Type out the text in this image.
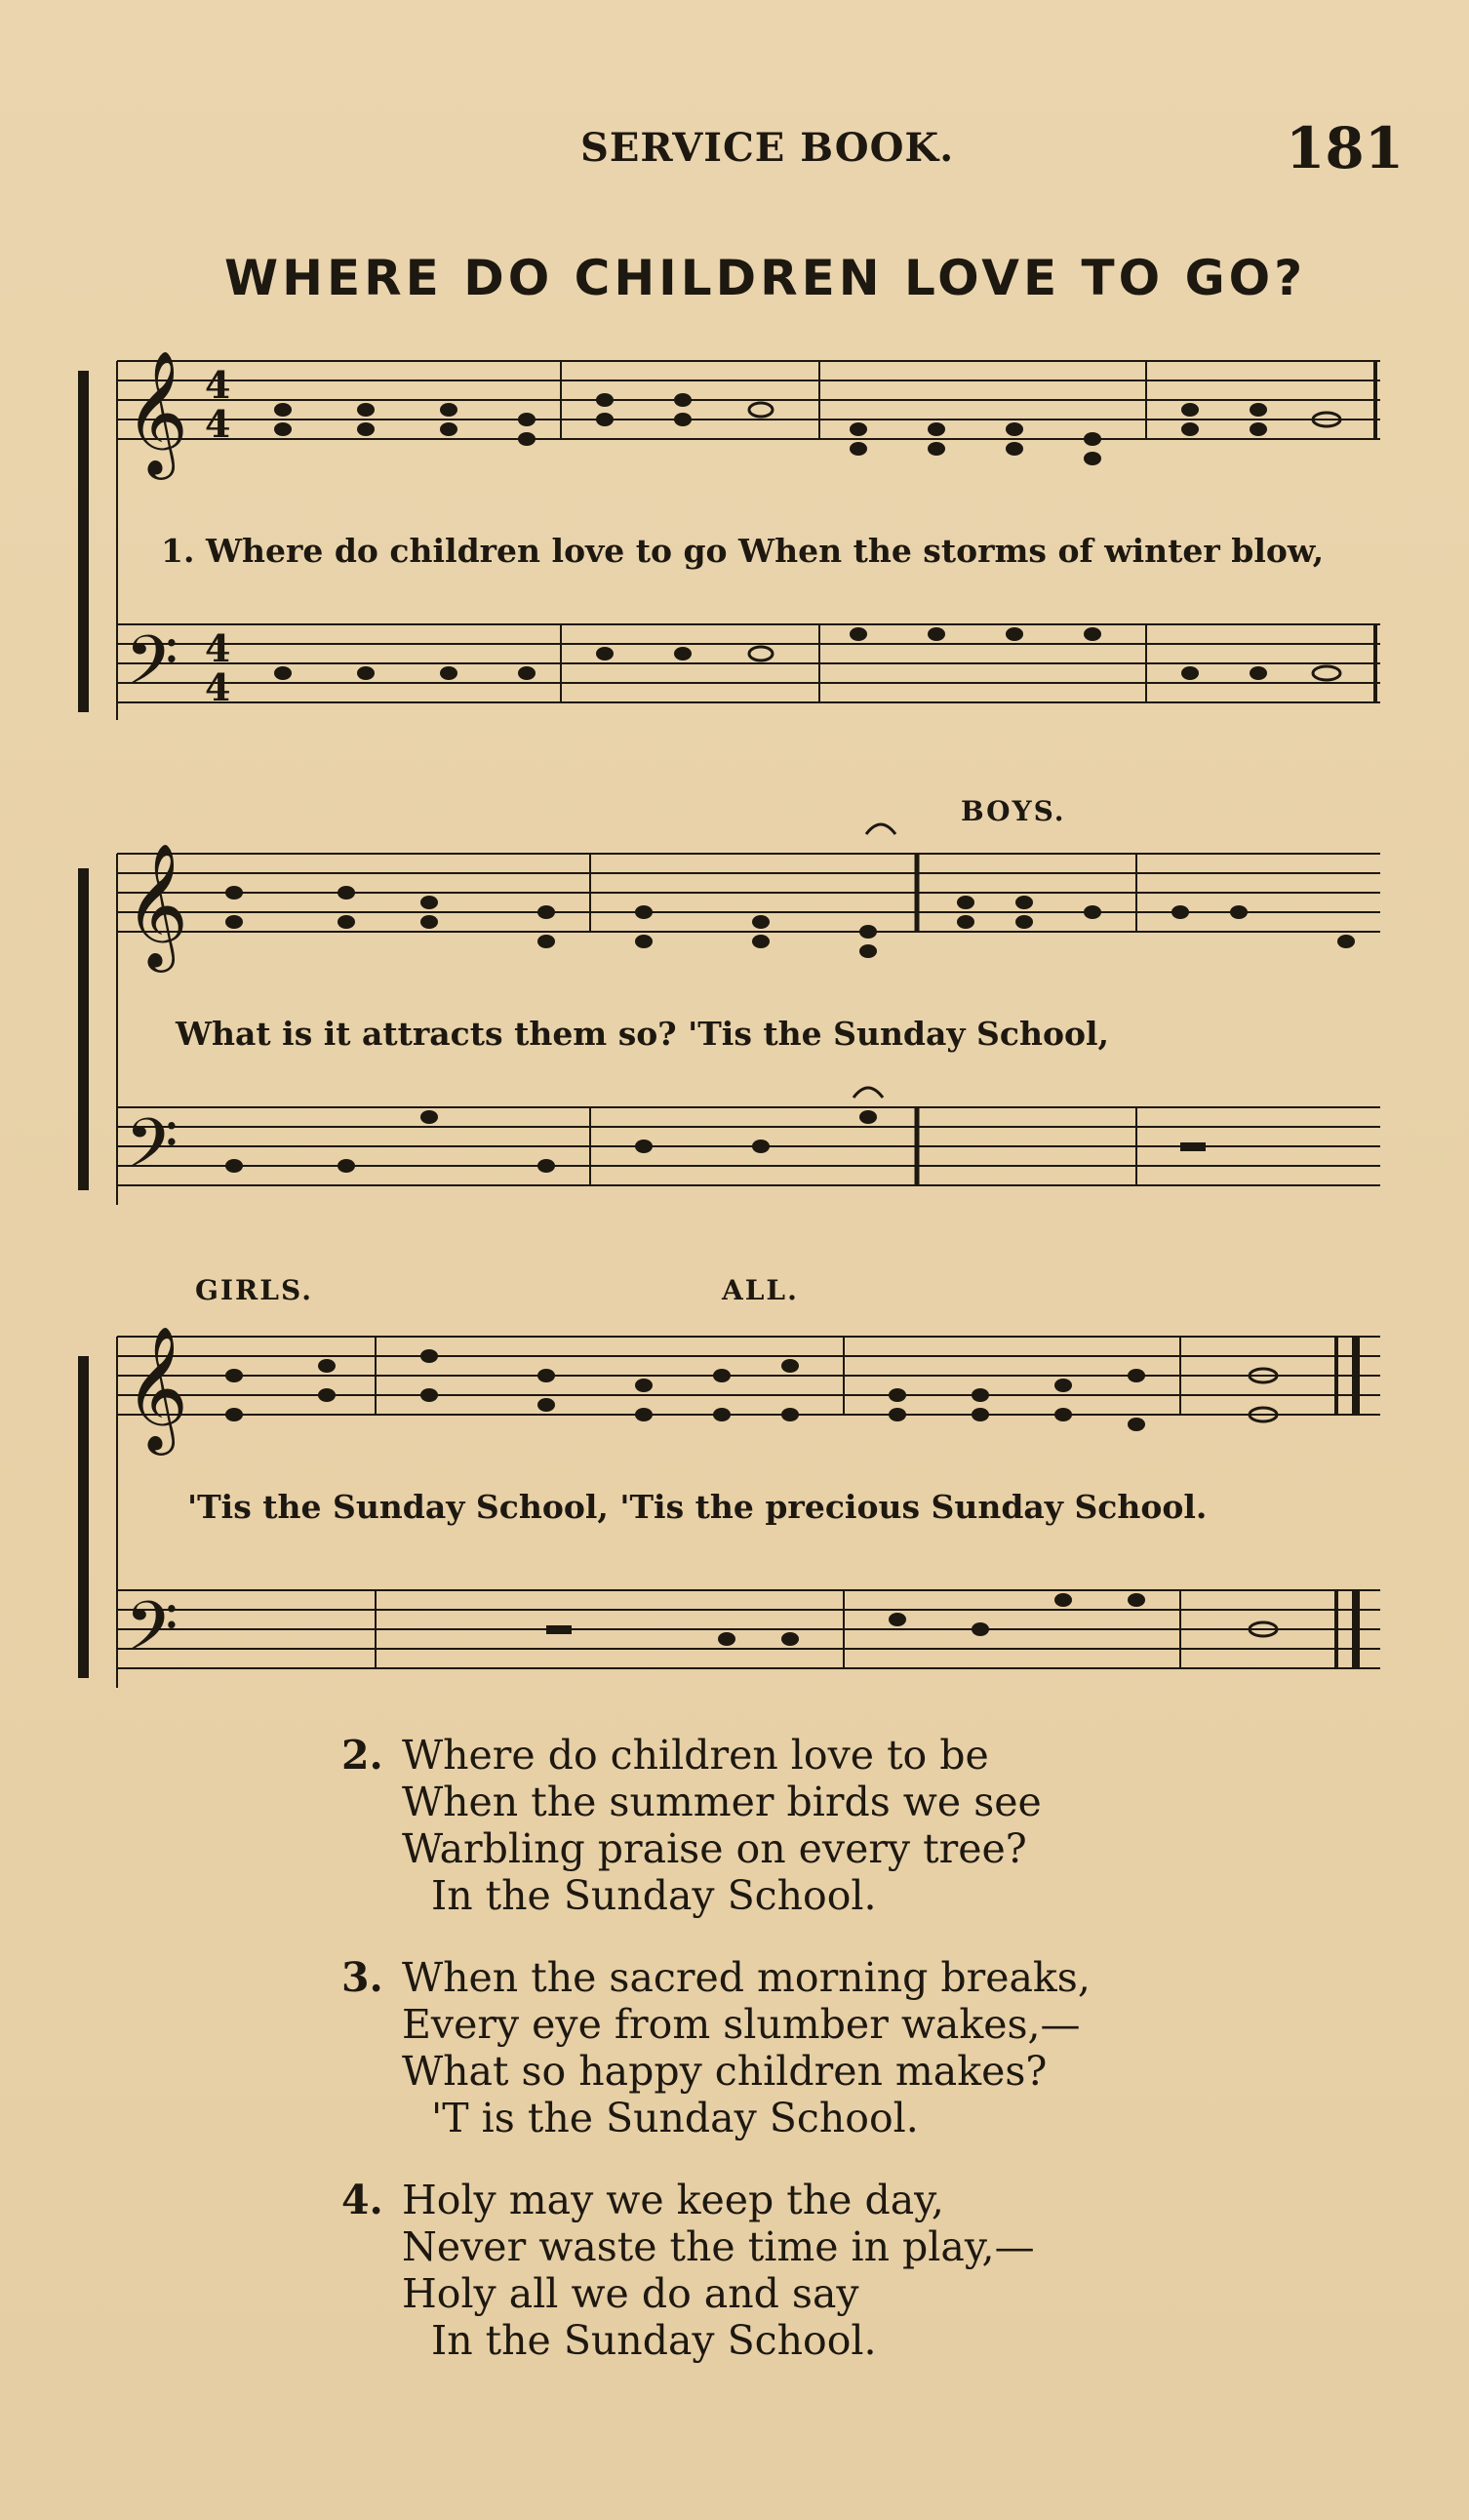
SERVICE BOOK.	181
WHERE DO CHILDREN LOVE TO GO?
𝄞
𝄢
4
4
4
4
1. Where do children love to go When the storms of winter blow,
𝄞
𝄢
BOYS.
What is it attracts them so? 'Tis the Sunday School,
𝄞
𝄢
GIRLS.	ALL.
'Tis the Sunday School, 'Tis the precious Sunday School.
2. Where do children love to be
When the summer birds we see
Warbling praise on every tree?
In the Sunday School.
3. When the sacred morning breaks,
Every eye from slumber wakes,—
What so happy children makes?
'T is the Sunday School.
4. Holy may we keep the day,
Never waste the time in play,—
Holy all we do and say
In the Sunday School.
